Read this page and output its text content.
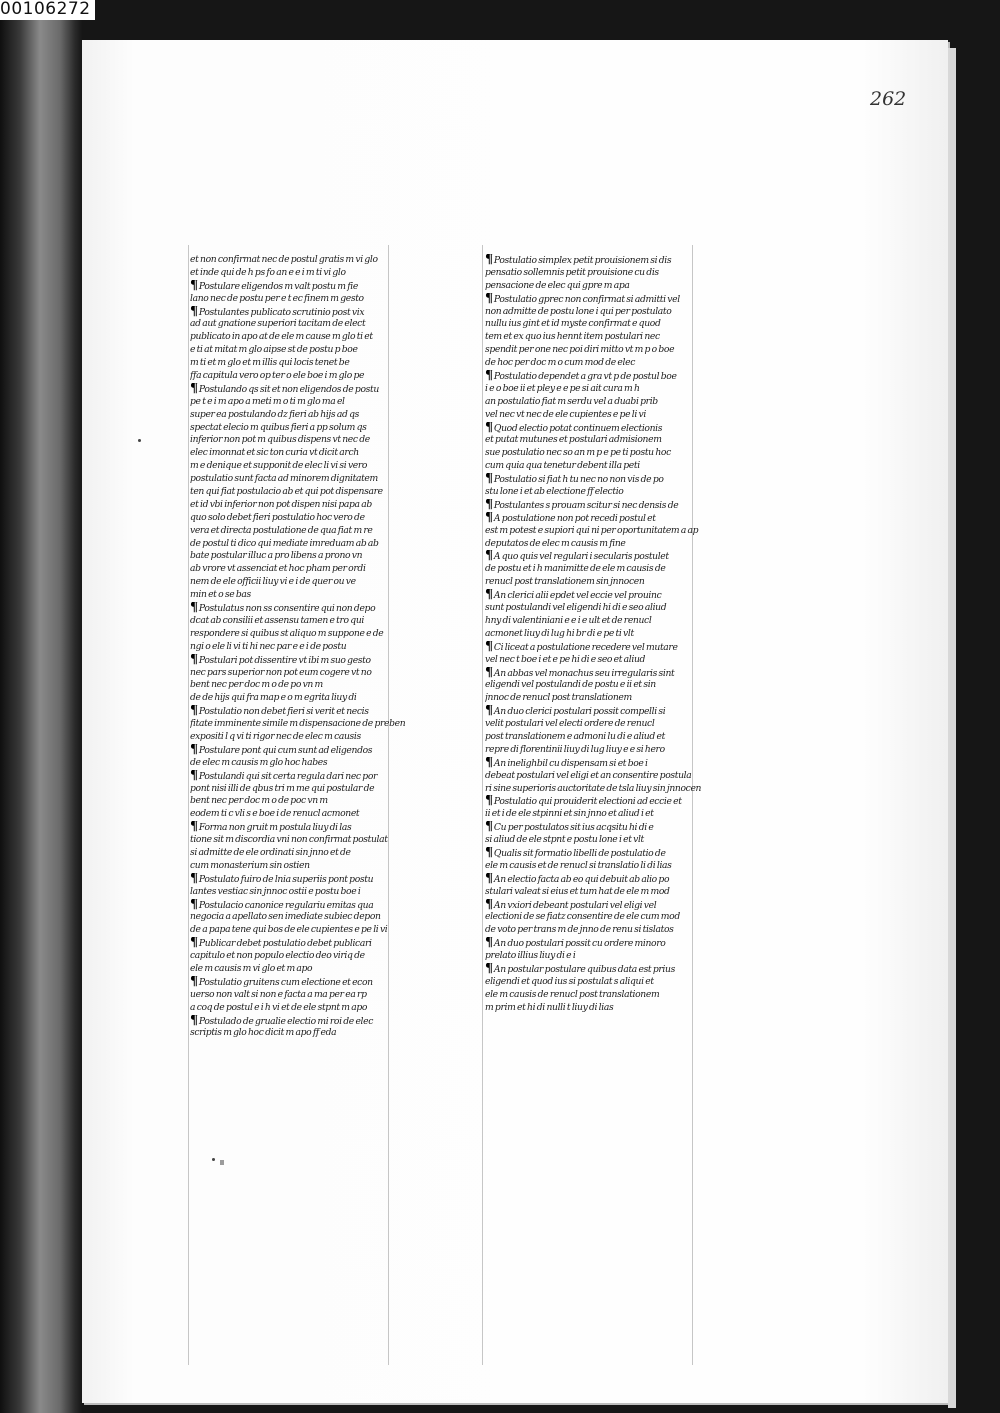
00106272
262
et non confirmat nec de postul gratis m vi glo
et inde qui de h ps fo an e e i m ti vi glo
¶ Postulare eligendos m valt postu m fie
lano nec de postu per e t ec finem m gesto
¶ Postulantes publicato scrutinio post vix
ad aut gnatione superiori tacitam de elect
publicato in apo at de ele m cause m glo ti et
e ti at mitat m glo aipse st de postu p boe
m ti et m glo et m illis qui locis tenet be
ffa capitula vero op ter o ele boe i m glo pe
¶ Postulando qs sit et non eligendos de postu
pe t e i m apo a meti m o ti m glo ma el
super ea postulando dz fieri ab hijs ad qs
spectat elecio m quibus fieri a pp solum qs
inferior non pot m quibus dispens vt nec de
elec imonnat et sic ton curia vt dicit arch
m e denique et supponit de elec li vi si vero
postulatio sunt facta ad minorem dignitatem
ten qui fiat postulacio ab et qui pot dispensare
et id vbi inferior non pot dispen nisi papa ab
quo solo debet fieri postulatio hoc vero de
vera et directa postulatione de qua fiat m re
de postul ti dico qui mediate imreduam ab ab
bate postular illuc a pro libens a prono vn
ab vrore vt assenciat et hoc pham per ordi
nem de ele officii liuy vi e i de quer ou ve
min et o se bas
¶ Postulatus non ss consentire qui non depo
dcat ab consilii et assensu tamen e tro qui
respondere si quibus st aliquo m suppone e de
ngi o ele li vi ti hi nec par e e i de postu
¶ Postulari pot dissentire vt ibi m suo gesto
nec pars superior non pot eum cogere vt no
bent nec per doc m o de po vn m
de de hijs qui fra map e o m egrita liuy di
¶ Postulatio non debet fieri si verit et necis
fitate imminente simile m dispensacione de preben
expositi l q vi ti rigor nec de elec m causis
¶ Postulare pont qui cum sunt ad eligendos
de elec m causis m glo hoc habes
¶ Postulandi qui sit certa regula dari nec por
pont nisi illi de qbus tri m me qui postular de
bent nec per doc m o de poc vn m
eodem ti c vli s e boe i de renucl acmonet
¶ Forma non gruit m postula liuy di las
tione sit m discordia vni non confirmat postulat
si admitte de ele ordinati sin jnno et de
cum monasterium sin ostien
¶ Postulato fuiro de lnia superiis pont postu
lantes vestiac sin jnnoc ostii e postu boe i
¶ Postulacio canonice regulariu emitas qua
negocia a apellato sen imediate subiec depon
de a papa tene qui bos de ele cupientes e pe li vi
¶ Publicar debet postulatio debet publicari
capitulo et non populo electio deo viriq de
ele m causis m vi glo et m apo
¶ Postulatio gruitens cum electione et econ
uerso non valt si non e facta a ma per ea rp
a coq de postul e i h vi et de ele stpnt m apo
¶ Postulado de grualie electio mi roi de elec
scriptis m glo hoc dicit m apo ff eda
¶ Postulatio simplex petit prouisionem si dis
pensatio sollemnis petit prouisione cu dis
pensacione de elec qui gpre m apa
¶ Postulatio gprec non confirmat si admitti vel
non admitte de postu lone i qui per postulato
nullu ius gint et id myste confirmat e quod
tem et ex quo ius hennt item postulari nec
spendit per one nec poi diri mitto vt m p o boe
de hoc per doc m o cum mod de elec
¶ Postulatio dependet a gra vt p de postul boe
i e o boe ii et pley e e pe si ait cura m h
an postulatio fiat m serdu vel a duabi prib
vel nec vt nec de ele cupientes e pe li vi
¶ Quod electio potat continuem electionis
et putat mutunes et postulari admisionem
sue postulatio nec so an m p e pe ti postu hoc
cum quia qua tenetur debent illa peti
¶ Postulatio si fiat h tu nec no non vis de po
stu lone i et ab electione ff electio
¶ Postulantes s prouam scitur si nec densis de
¶ A postulatione non pot recedi postul et
est m potest e supiori qui ni per oportunitatem a ap
deputatos de elec m causis m fine
¶ A quo quis vel regulari i secularis postulet
de postu et i h manimitte de ele m causis de
renucl post translationem sin jnnocen
¶ An clerici alii epdet vel eccie vel prouinc
sunt postulandi vel eligendi hi di e seo aliud
hny di valentiniani e e i e ult et de renucl
acmonet liuy di lug hi br di e pe ti vlt
¶ Ci liceat a postulatione recedere vel mutare
vel nec t boe i et e pe hi di e seo et aliud
¶ An abbas vel monachus seu irregularis sint
eligendi vel postulandi de postu e ii et sin
jnnoc de renucl post translationem
¶ An duo clerici postulari possit compelli si
velit postulari vel electi ordere de renucl
post translationem e admoni lu di e aliud et
repre di florentinii liuy di lug liuy e e si hero
¶ An inelighbil cu dispensam si et boe i
debeat postulari vel eligi et an consentire postula
ri sine superioris auctoritate de tsla liuy sin jnnocen
¶ Postulatio qui prouiderit electioni ad eccie et
ii et i de ele stpinni et sin jnno et aliud i et
¶ Cu per postulatos sit ius acqsitu hi di e
si aliud de ele stpnt e postu lone i et vlt
¶ Qualis sit formatio libelli de postulatio de
ele m causis et de renucl si translatio li di lias
¶ An electio facta ab eo qui debuit ab alio po
stulari valeat si eius et tum hat de ele m mod
¶ An vxiori debeant postulari vel eligi vel
electioni de se fiatz consentire de ele cum mod
de voto per trans m de jnno de renu si tislatos
¶ An duo postulari possit cu ordere minoro
prelato illius liuy di e i
¶ An postular postulare quibus data est prius
eligendi et quod ius si postulat s aliqui et
ele m causis de renucl post translationem
m prim et hi di nulli t liuy di lias
